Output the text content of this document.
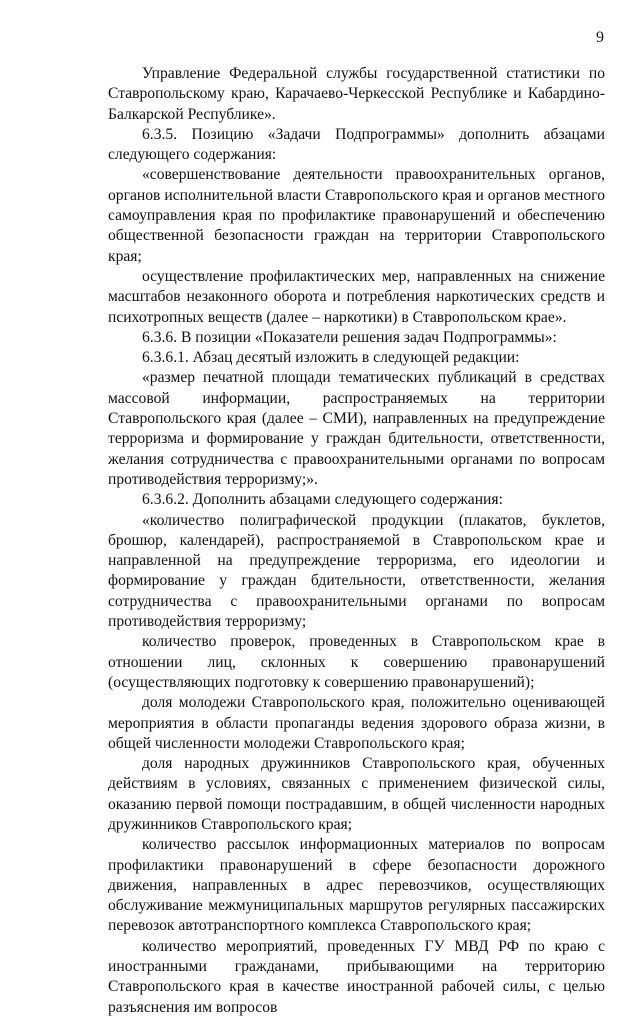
9

Управление Федеральной службы государственной статистики по Ставропольскому краю, Карачаево-Черкесской Республике и Кабардино-Балкарской Республике».

6.3.5. Позицию «Задачи Подпрограммы» дополнить абзацами следующего содержания:

«совершенствование деятельности правоохранительных органов, органов исполнительной власти Ставропольского края и органов местного самоуправления края по профилактике правонарушений и обеспечению общественной безопасности граждан на территории Ставропольского края;

осуществление профилактических мер, направленных на снижение масштабов незаконного оборота и потребления наркотических средств и психотропных веществ (далее – наркотики) в Ставропольском крае».

6.3.6. В позиции «Показатели решения задач Подпрограммы»:

6.3.6.1. Абзац десятый изложить в следующей редакции:

«размер печатной площади тематических публикаций в средствах массовой информации, распространяемых на территории Ставропольского края (далее – СМИ), направленных на предупреждение терроризма и формирование у граждан бдительности, ответственности, желания сотрудничества с правоохранительными органами по вопросам противодействия терроризму;».

6.3.6.2. Дополнить абзацами следующего содержания:

«количество полиграфической продукции (плакатов, буклетов, брошюр, календарей), распространяемой в Ставропольском крае и направленной на предупреждение терроризма, его идеологии и формирование у граждан бдительности, ответственности, желания сотрудничества с правоохранительными органами по вопросам противодействия терроризму;

количество проверок, проведенных в Ставропольском крае в отношении лиц, склонных к совершению правонарушений (осуществляющих подготовку к совершению правонарушений);

доля молодежи Ставропольского края, положительно оценивающей мероприятия в области пропаганды ведения здорового образа жизни, в общей численности молодежи Ставропольского края;

доля народных дружинников Ставропольского края, обученных действиям в условиях, связанных с применением физической силы, оказанию первой помощи пострадавшим, в общей численности народных дружинников Ставропольского края;

количество рассылок информационных материалов по вопросам профилактики правонарушений в сфере безопасности дорожного движения, направленных в адрес перевозчиков, осуществляющих обслуживание межмуниципальных маршрутов регулярных пассажирских перевозок автотранспортного комплекса Ставропольского края;

количество мероприятий, проведенных ГУ МВД РФ по краю с иностранными гражданами, прибывающими на территорию Ставропольского края в качестве иностранной рабочей силы, с целью разъяснения им вопросов
